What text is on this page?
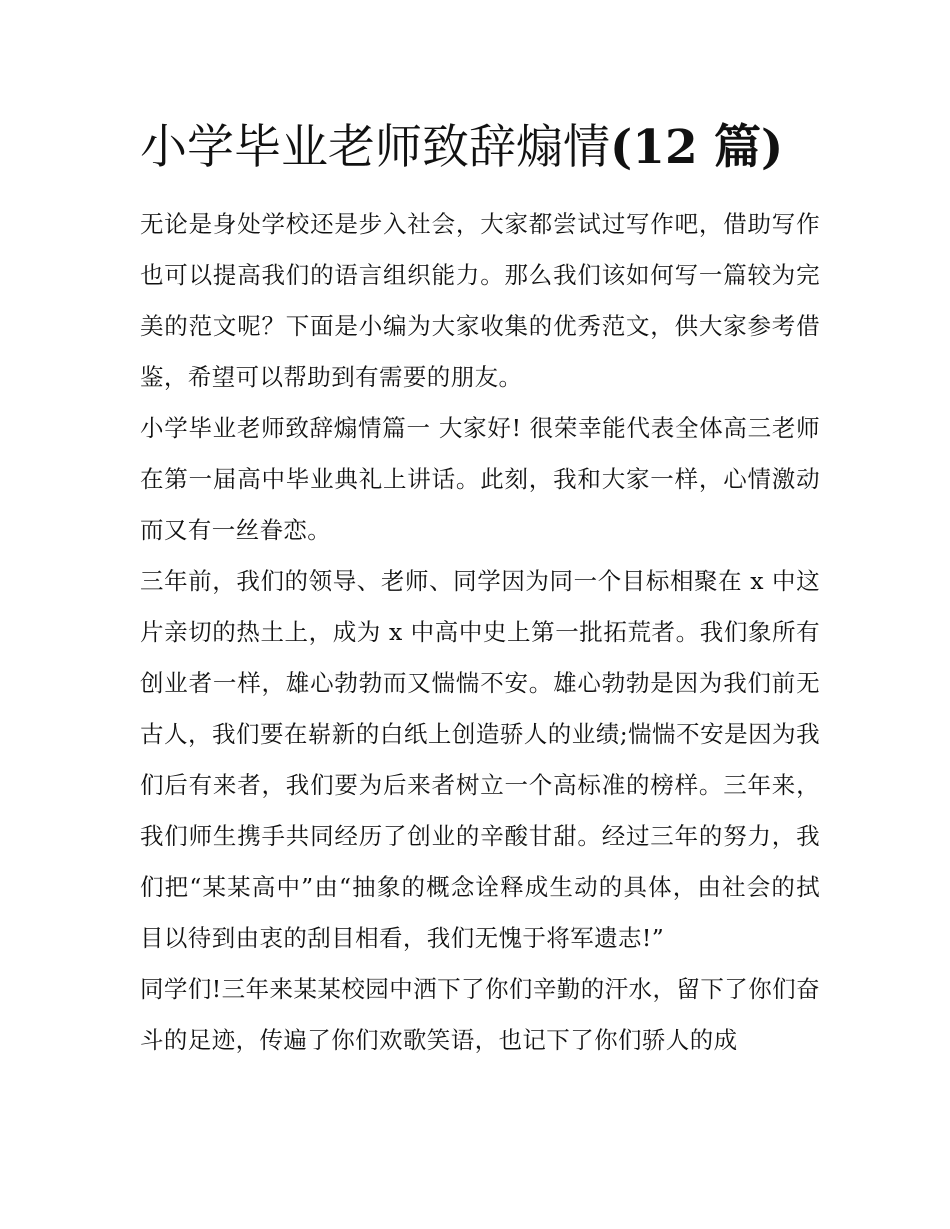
小学毕业老师致辞煽情(12 篇)

无论是身处学校还是步入社会，大家都尝试过写作吧，借助写作也可以提高我们的语言组织能力。那么我们该如何写一篇较为完美的范文呢？下面是小编为大家收集的优秀范文，供大家参考借鉴，希望可以帮助到有需要的朋友。

小学毕业老师致辞煽情篇一 大家好! 很荣幸能代表全体高三老师在第一届高中毕业典礼上讲话。此刻，我和大家一样，心情激动而又有一丝眷恋。

三年前，我们的领导、老师、同学因为同一个目标相聚在 x 中这片亲切的热土上，成为 x 中高中史上第一批拓荒者。我们象所有创业者一样，雄心勃勃而又惴惴不安。雄心勃勃是因为我们前无古人，我们要在崭新的白纸上创造骄人的业绩;惴惴不安是因为我们后有来者，我们要为后来者树立一个高标准的榜样。三年来，我们师生携手共同经历了创业的辛酸甘甜。经过三年的努力，我们把“某某高中”由“抽象的概念诠释成生动的具体，由社会的拭目以待到由衷的刮目相看，我们无愧于将军遗志!”

同学们!三年来某某校园中洒下了你们辛勤的汗水，留下了你们奋斗的足迹，传遍了你们欢歌笑语，也记下了你们骄人的成
